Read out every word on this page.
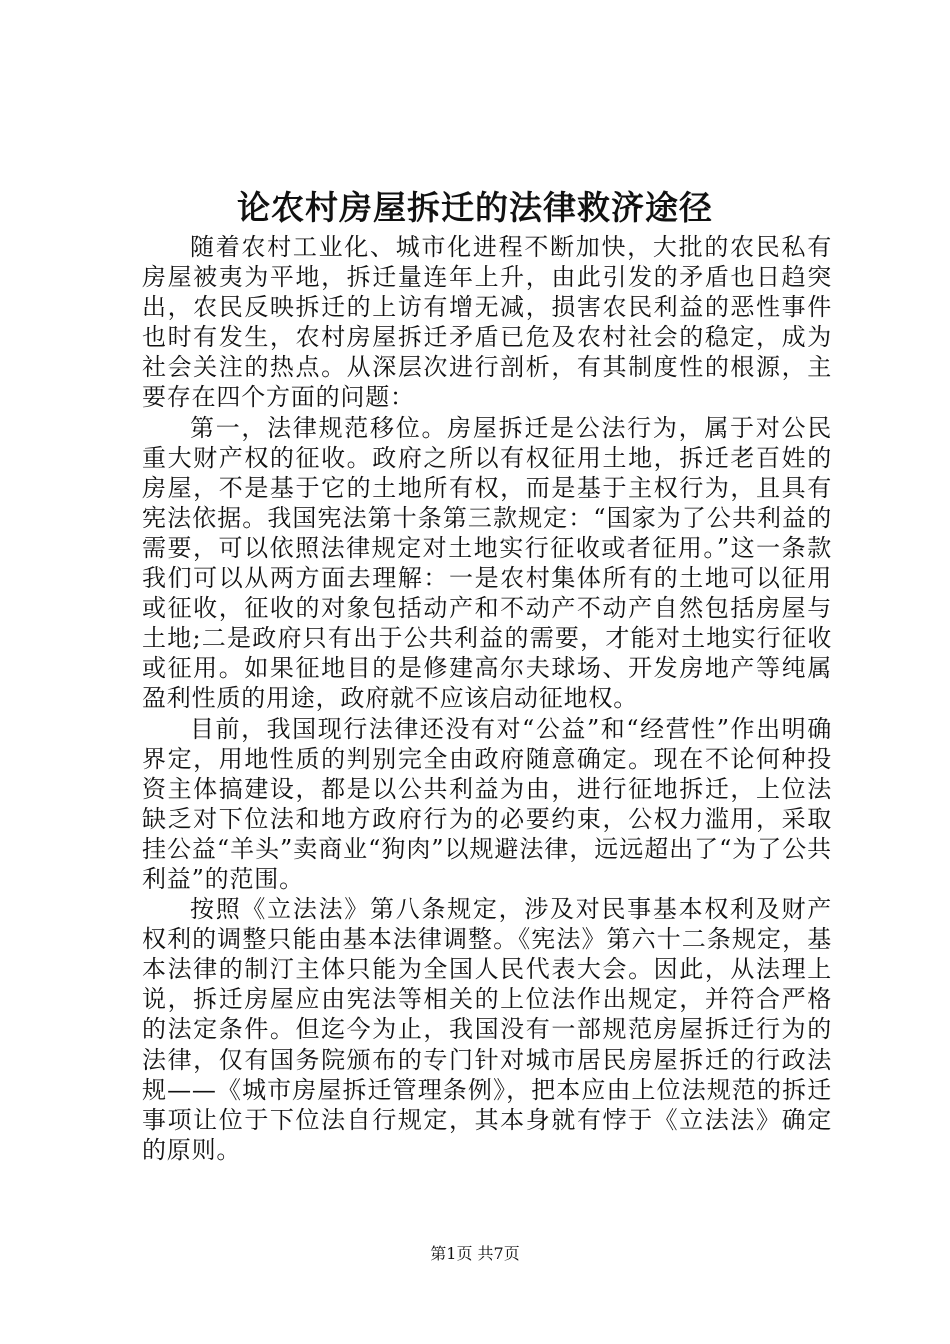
论农村房屋拆迁的法律救济途径

随着农村工业化、城市化进程不断加快，大批的农民私有房屋被夷为平地，拆迁量连年上升，由此引发的矛盾也日趋突出，农民反映拆迁的上访有增无减，损害农民利益的恶性事件也时有发生，农村房屋拆迁矛盾已危及农村社会的稳定，成为社会关注的热点。从深层次进行剖析，有其制度性的根源，主要存在四个方面的问题：

第一，法律规范移位。房屋拆迁是公法行为，属于对公民重大财产权的征收。政府之所以有权征用土地，拆迁老百姓的房屋，不是基于它的土地所有权，而是基于主权行为，且具有宪法依据。我国宪法第十条第三款规定：“国家为了公共利益的需要，可以依照法律规定对土地实行征收或者征用。”这一条款我们可以从两方面去理解：一是农村集体所有的土地可以征用或征收，征收的对象包括动产和不动产不动产自然包括房屋与土地;二是政府只有出于公共利益的需要，才能对土地实行征收或征用。如果征地目的是修建高尔夫球场、开发房地产等纯属盈利性质的用途，政府就不应该启动征地权。

目前，我国现行法律还没有对“公益”和“经营性”作出明确界定，用地性质的判别完全由政府随意确定。现在不论何种投资主体搞建设，都是以公共利益为由，进行征地拆迁，上位法缺乏对下位法和地方政府行为的必要约束，公权力滥用，采取挂公益“羊头”卖商业“狗肉”以规避法律，远远超出了“为了公共利益”的范围。

按照《立法法》第八条规定，涉及对民事基本权利及财产权利的调整只能由基本法律调整。《宪法》第六十二条规定，基本法律的制汀主体只能为全国人民代表大会。因此，从法理上说，拆迁房屋应由宪法等相关的上位法作出规定，并符合严格的法定条件。但迄今为止，我国没有一部规范房屋拆迁行为的法律，仅有国务院颁布的专门针对城市居民房屋拆迁的行政法规——《城市房屋拆迁管理条例》，把本应由上位法规范的拆迁事项让位于下位法自行规定，其本身就有悖于《立法法》确定的原则。

第1页 共7页
